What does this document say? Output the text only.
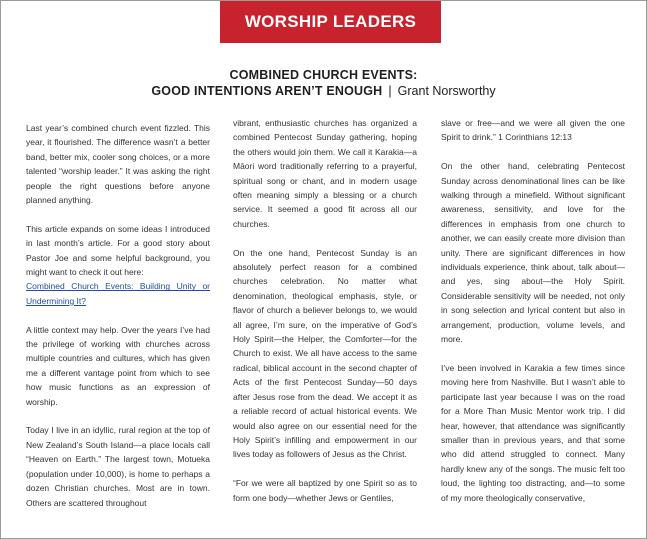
WORSHIP LEADERS
COMBINED CHURCH EVENTS:
GOOD INTENTIONS AREN’T ENOUGH | Grant Norsworthy

Last year’s combined church event fizzled. This year, it flourished. The difference wasn’t a better band, better mix, cooler song choices, or a more talented “worship leader.” It was asking the right people the right questions before anyone planned anything.

This article expands on some ideas I introduced in last month’s article. For a good story about Pastor Joe and some helpful background, you might want to check it out here:
Combined Church Events: Building Unity or Undermining It?

A little context may help. Over the years I’ve had the privilege of working with churches across multiple countries and cultures, which has given me a different vantage point from which to see how music functions as an expression of worship.

Today I live in an idyllic, rural region at the top of New Zealand’s South Island—a place locals call “Heaven on Earth.” The largest town, Motueka (population under 10,000), is home to perhaps a dozen Christian churches. Most are in town. Others are scattered throughout

vibrant, enthusiastic churches has organized a combined Pentecost Sunday gathering, hoping the others would join them. We call it Karakia—a Māori word traditionally referring to a prayerful, spiritual song or chant, and in modern usage often meaning simply a blessing or a church service. It seemed a good fit across all our churches.

On the one hand, Pentecost Sunday is an absolutely perfect reason for a combined churches celebration. No matter what denomination, theological emphasis, style, or flavor of church a believer belongs to, we would all agree, I’m sure, on the imperative of God’s Holy Spirit—the Helper, the Comforter—for the Church to exist. We all have access to the same radical, biblical account in the second chapter of Acts of the first Pentecost Sunday—50 days after Jesus rose from the dead. We accept it as a reliable record of actual historical events. We would also agree on our essential need for the Holy Spirit’s infilling and empowerment in our lives today as followers of Jesus as the Christ.

“For we were all baptized by one Spirit so as to form one body—whether Jews or Gentiles,

slave or free—and we were all given the one Spirit to drink.” 1 Corinthians 12:13

On the other hand, celebrating Pentecost Sunday across denominational lines can be like walking through a minefield. Without significant awareness, sensitivity, and love for the differences in emphasis from one church to another, we can easily create more division than unity. There are significant differences in how individuals experience, think about, talk about—and yes, sing about—the Holy Spirit. Considerable sensitivity will be needed, not only in song selection and lyrical content but also in arrangement, production, volume levels, and more.

I’ve been involved in Karakia a few times since moving here from Nashville. But I wasn’t able to participate last year because I was on the road for a More Than Music Mentor work trip. I did hear, however, that attendance was significantly smaller than in previous years, and that some who did attend struggled to connect. Many hardly knew any of the songs. The music felt too loud, the lighting too distracting, and—to some of my more theologically conservative,
